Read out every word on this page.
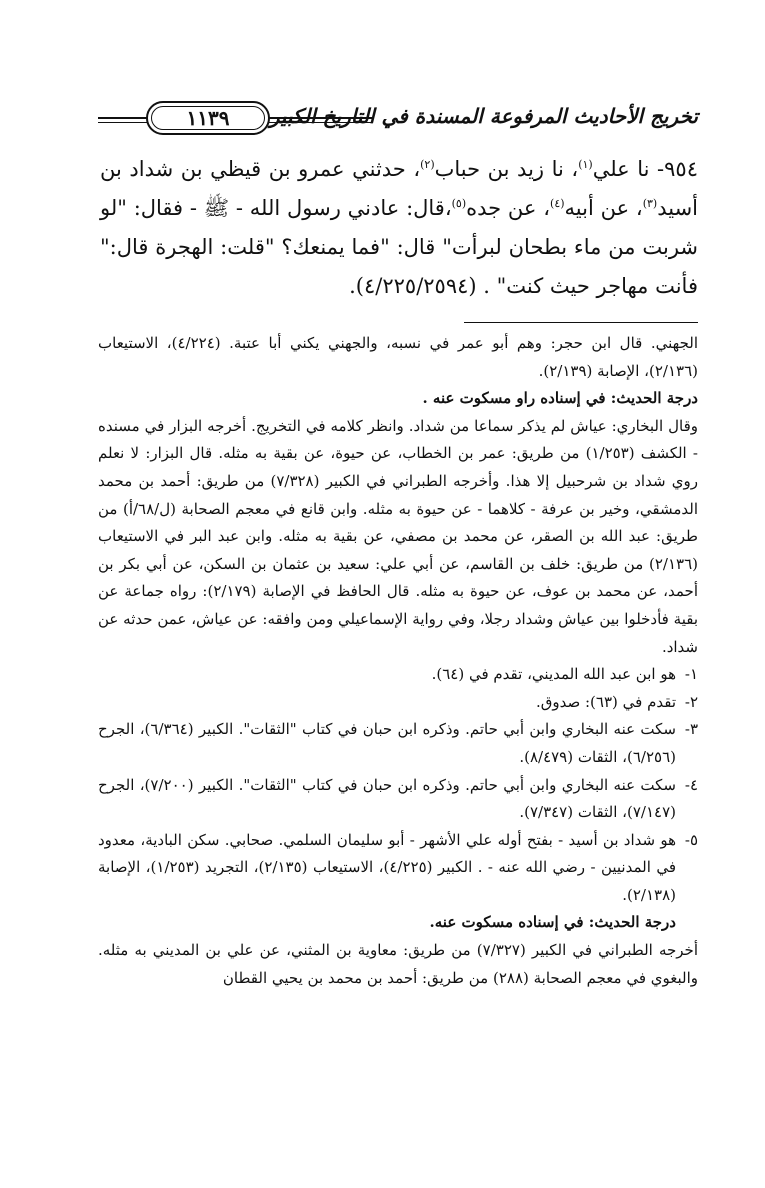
١١٣٩	تخريج الأحاديث المرفوعة المسندة في التاريخ الكبير

٩٥٤- نا علي$^{(١)}$، نا زيد بن حباب$^{(٢)}$، حدثني عمرو بن قيظي بن شداد بن أسيد$^{(٣)}$، عن أبيه$^{(٤)}$، عن جده$^{(٥)}$،قال: عادني رسول الله - ﷺ - فقال: "لو شربت من ماء بطحان لبرأت" قال: "فما يمنعك؟ "قلت: الهجرة قال:" فأنت مهاجر حيث كنت" . (٤/٢٢٥/٢٥٩٤).

الجهني. قال ابن حجر: وهم أبو عمر في نسبه، والجهني يكني أبا عتبة. (٤/٢٢٤)، الاستيعاب (٢/١٣٦)، الإصابة (٢/١٣٩).

درجة الحديث: في إسناده راو مسكوت عنه .

وقال البخاري: عياش لم يذكر سماعا من شداد. وانظر كلامه في التخريج. أخرجه البزار في مسنده - الكشف (١/٢٥٣) من طريق: عمر بن الخطاب، عن حيوة، عن بقية به مثله. قال البزار: لا نعلم روي شداد بن شرحبيل إلا هذا. وأخرجه الطبراني في الكبير (٧/٣٢٨) من طريق: أحمد بن محمد الدمشقي، وخير بن عرفة - كلاهما - عن حيوة به مثله. وابن قانع في معجم الصحابة (ل/٦٨/أ) من طريق: عبد الله بن الصقر، عن محمد بن مصفي، عن بقية به مثله. وابن عبد البر في الاستيعاب (٢/١٣٦) من طريق: خلف بن القاسم، عن أبي علي: سعيد بن عثمان بن السكن، عن أبي بكر بن أحمد، عن محمد بن عوف، عن حيوة به مثله. قال الحافظ في الإصابة (٢/١٧٩): رواه جماعة عن بقية فأدخلوا بين عياش وشداد رجلا، وفي رواية الإسماعيلي ومن وافقه: عن عياش، عمن حدثه عن شداد.

١-
هو ابن عبد الله المديني، تقدم في (٦٤).

٢-
تقدم في (٦٣): صدوق.

٣-
سكت عنه البخاري وابن أبي حاتم. وذكره ابن حبان في كتاب "الثقات". الكبير (٦/٣٦٤)، الجرح (٦/٢٥٦)، الثقات (٨/٤٧٩).

٤-
سكت عنه البخاري وابن أبي حاتم. وذكره ابن حبان في كتاب "الثقات". الكبير (٧/٢٠٠)، الجرح (٧/١٤٧)، الثقات (٧/٣٤٧).

٥-
هو شداد بن أسيد - بفتح أوله علي الأشهر - أبو سليمان السلمي. صحابي. سكن البادية، معدود في المدنيين - رضي الله عنه - . الكبير (٤/٢٢٥)، الاستيعاب (٢/١٣٥)، التجريد (١/٢٥٣)، الإصابة (٢/١٣٨).

درجة الحديث: في إسناده مسكوت عنه.

أخرجه الطبراني في الكبير (٧/٣٢٧) من طريق: معاوية بن المثني، عن علي بن المديني به مثله. والبغوي في معجم الصحابة (٢٨٨) من طريق: أحمد بن محمد بن يحيي القطان
